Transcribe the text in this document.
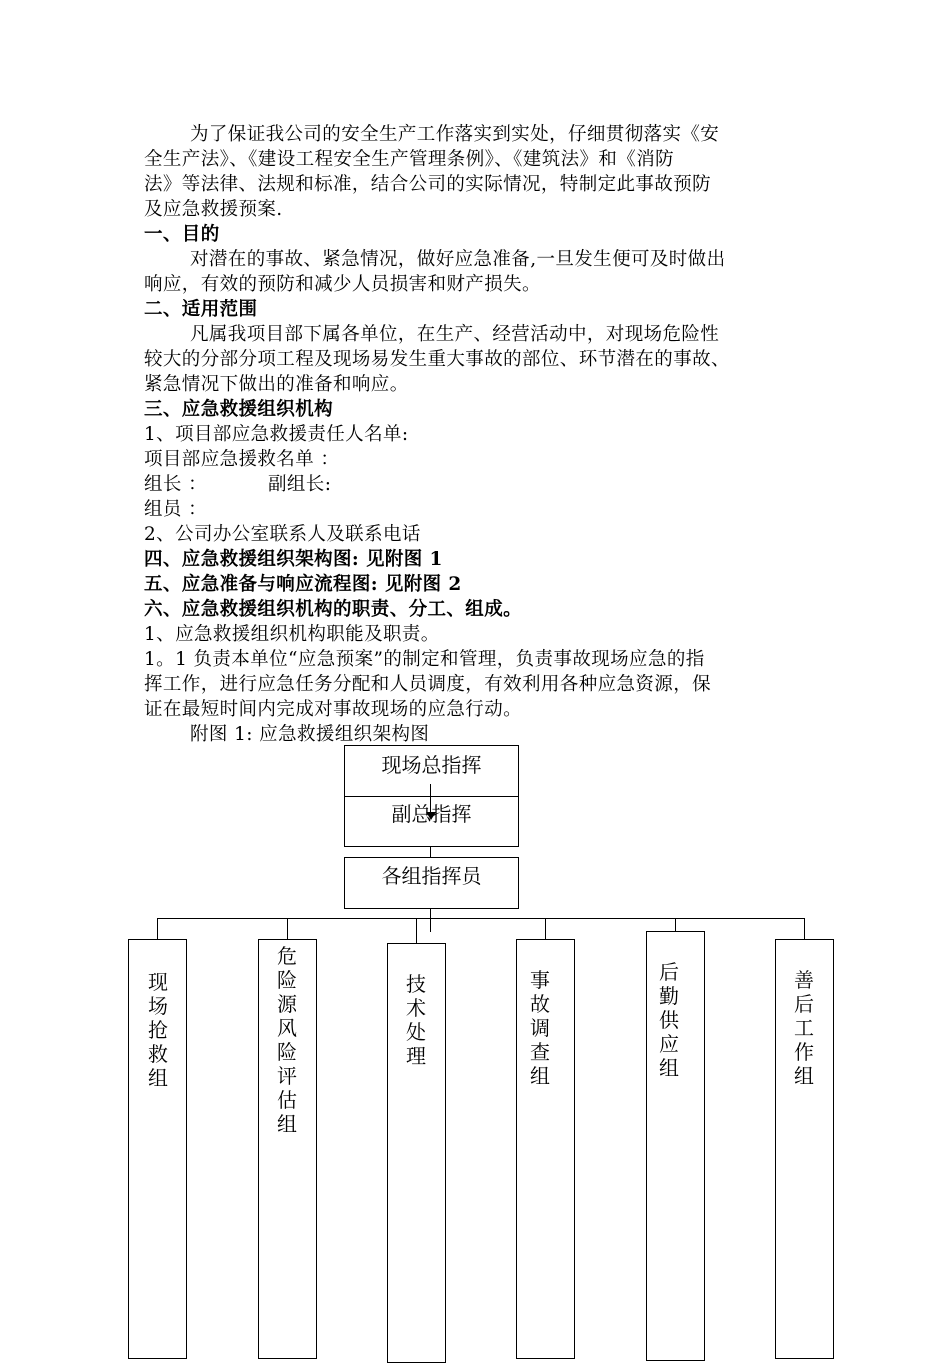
为了保证我公司的安全生产工作落实到实处，仔细贯彻落实《安
全生产法》、《建设工程安全生产管理条例》、《建筑法》和《消防
法》等法律、法规和标准，结合公司的实际情况，特制定此事故预防
及应急救援预案.
一、目的
对潜在的事故、紧急情况，做好应急准备,一旦发生便可及时做出
响应，有效的预防和减少人员损害和财产损失。
二、适用范围
凡属我项目部下属各单位，在生产、经营活动中，对现场危险性
较大的分部分项工程及现场易发生重大事故的部位、环节潜在的事故、
紧急情况下做出的准备和响应。
三、应急救援组织机构
1、项目部应急救援责任人名单:
项目部应急援救名单 ：
组长 ：	副组长:
组员 ：
2、公司办公室联系人及联系电话
四、应急救援组织架构图: 见附图 1
五、应急准备与响应流程图: 见附图 2
六、应急救援组织机构的职责、分工、组成。
1、应急救援组织机构职能及职责。
1。1 负责本单位“应急预案”的制定和管理，负责事故现场应急的指
挥工作，进行应急任务分配和人员调度，有效利用各种应急资源，保
证在最短时间内完成对事故现场的应急行动。
附图 1: 应急救援组织架构图
现场总指挥
副总指挥
各组指挥员
现场抢救组
危险源风险评估组
技术处理
事故调查组
后勤供应组
善后工作组
